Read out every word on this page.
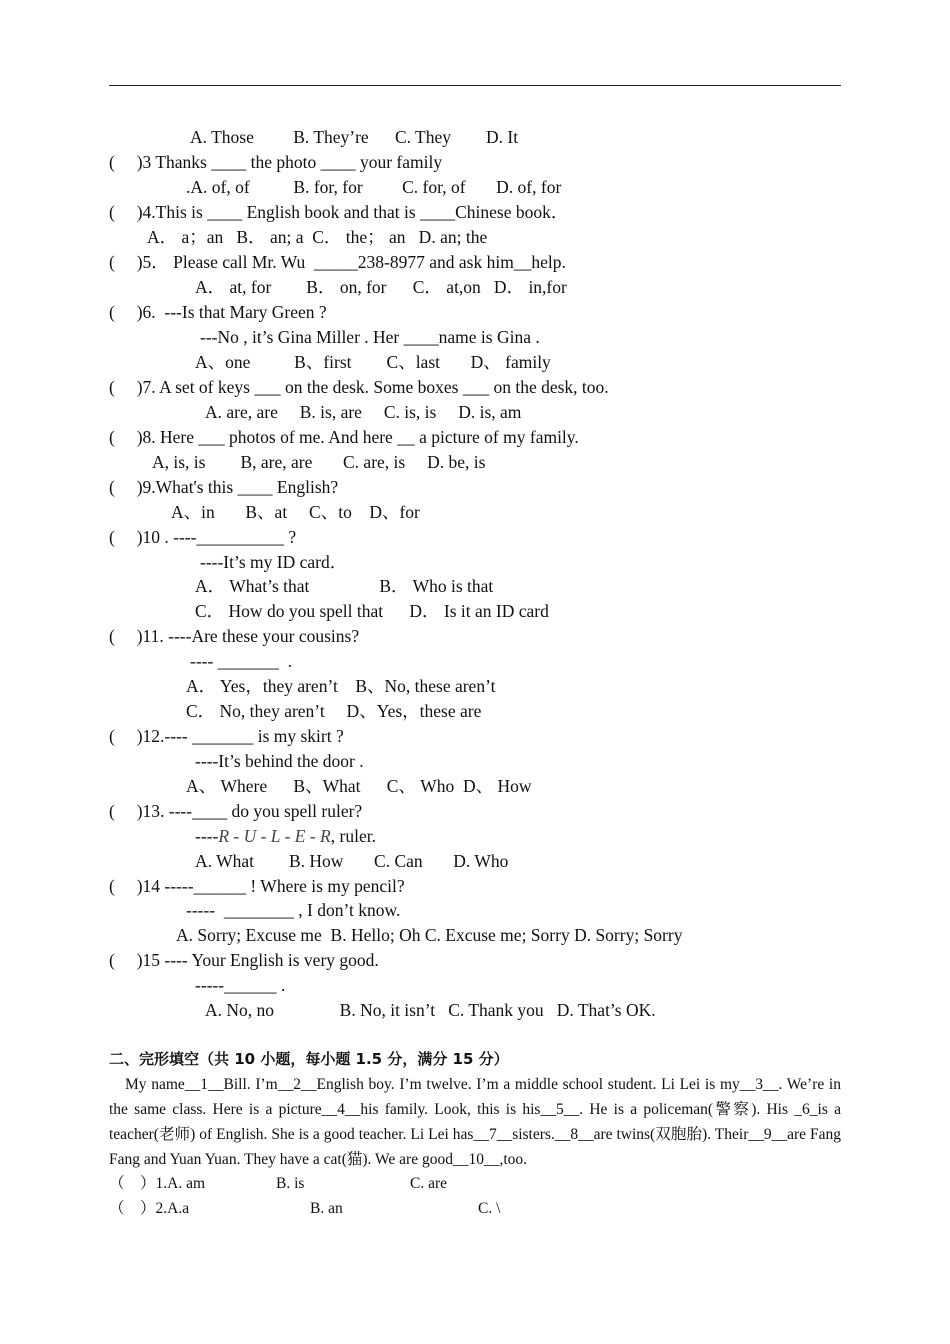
A. Those         B. They’re      C. They        D. It
(     )3 Thanks ____ the photo ____ your family
.A. of, of          B. for, for         C. for, of       D. of, for
(     )4.This is ____ English book and that is ____Chinese book．
A． a；an   B． an; a  C． the； an   D. an; the
(     )5． Please call Mr. Wu  _____238-8977 and ask him__help.
A． at, for        B． on, for      C． at,on   D． in,for
(     )6.  ---Is that Mary Green ?
---No , it’s Gina Miller . Her ____name is Gina .
A、one          B、first        C、last       D、 family
(     )7. A set of keys ___ on the desk. Some boxes ___ on the desk, too.
A. are, are     B. is, are     C. is, is     D. is, am
(     )8. Here ___ photos of me. And here __ a picture of my family.
A, is, is        B, are, are       C. are, is     D. be, is
(     )9.What's this ____ English?
A、in       B、at     C、to    D、for
(     )10 . ----__________ ?
----It’s my ID card．
A． What’s that                B． Who is that
C． How do you spell that      D． Is it an ID card
(     )11. ----Are these your cousins?
---- _______  .
A． Yes，they aren’t    B、No, these aren’t
C． No, they aren’t     D、Yes，these are
(     )12.---- _______ is my skirt ?
----It’s behind the door .
A、 Where      B、What      C、 Who  D、 How
(     )13. ----____ do you spell ruler?
----R - U - L - E - R, ruler.
A. What        B. How       C. Can       D. Who
(     )14 -----______ ! Where is my pencil?
-----  ________ , I don’t know.
A. Sorry; Excuse me  B. Hello; Oh C. Excuse me; Sorry D. Sorry; Sorry
(     )15 ---- Your English is very good.
-----______ .
A. No, no               B. No, it isn’t   C. Thank you   D. That’s OK.
二、完形填空（共 10 小题，每小题 1.5 分，满分 15 分）
My name__1__Bill. I’m__2__English boy. I’m twelve. I’m a middle school student. Li Lei is my__3__. We’re in the same class. Here is a picture__4__his family. Look, this is his__5__. He is a policeman(警察). His _6_is a teacher(老师) of English. She is a good teacher. Li Lei has__7__sisters.__8__are twins(双胞胎). Their__9__are Fang Fang and Yuan Yuan. They have a cat(猫). We are good__10__,too.
（    ）1.A. am	B. is	C. are
（    ）2.A.a	B. an	C. \
